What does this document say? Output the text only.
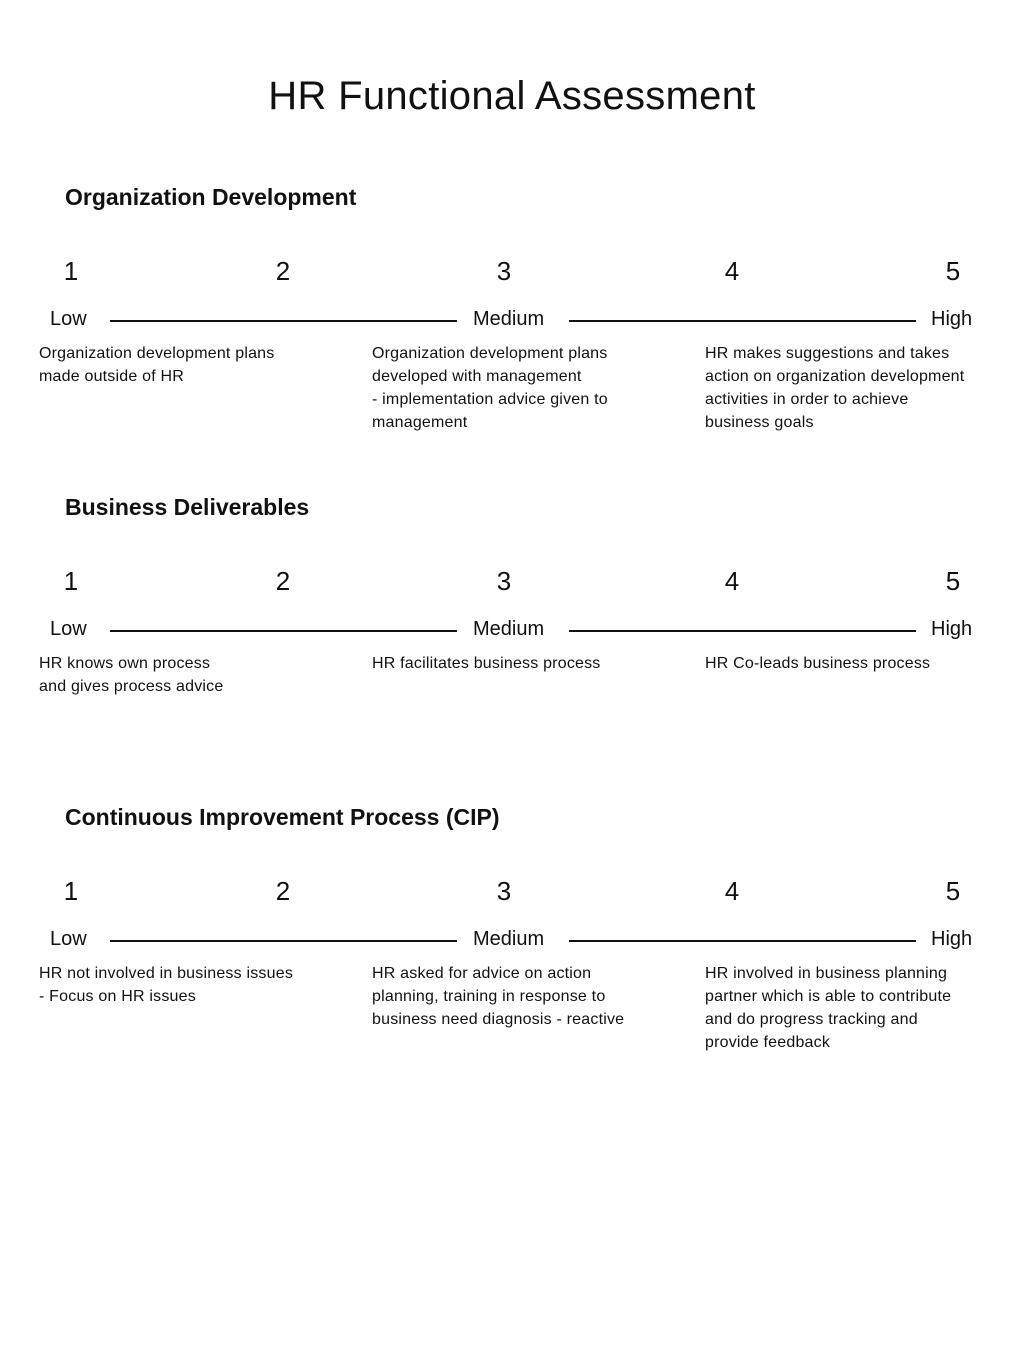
HR Functional Assessment
Organization Development
1	2	3	4	5
Low	Medium	High

Organization development plans
made outside of HR

Organization development plans
developed with management
- implementation advice given to
management

HR makes suggestions and takes
action on organization development
activities in order to achieve
business goals

Business Deliverables
1	2	3	4	5
Low	Medium	High

HR knows own process
and gives process advice

HR facilitates business process	HR Co-leads business process

Continuous Improvement Process (CIP)
1	2	3	4	5
Low	Medium	High

HR not involved in business issues
- Focus on HR issues

HR asked for advice on action
planning, training in response to
business need diagnosis - reactive

HR involved in business planning
partner which is able to contribute
and do progress tracking and
provide feedback
